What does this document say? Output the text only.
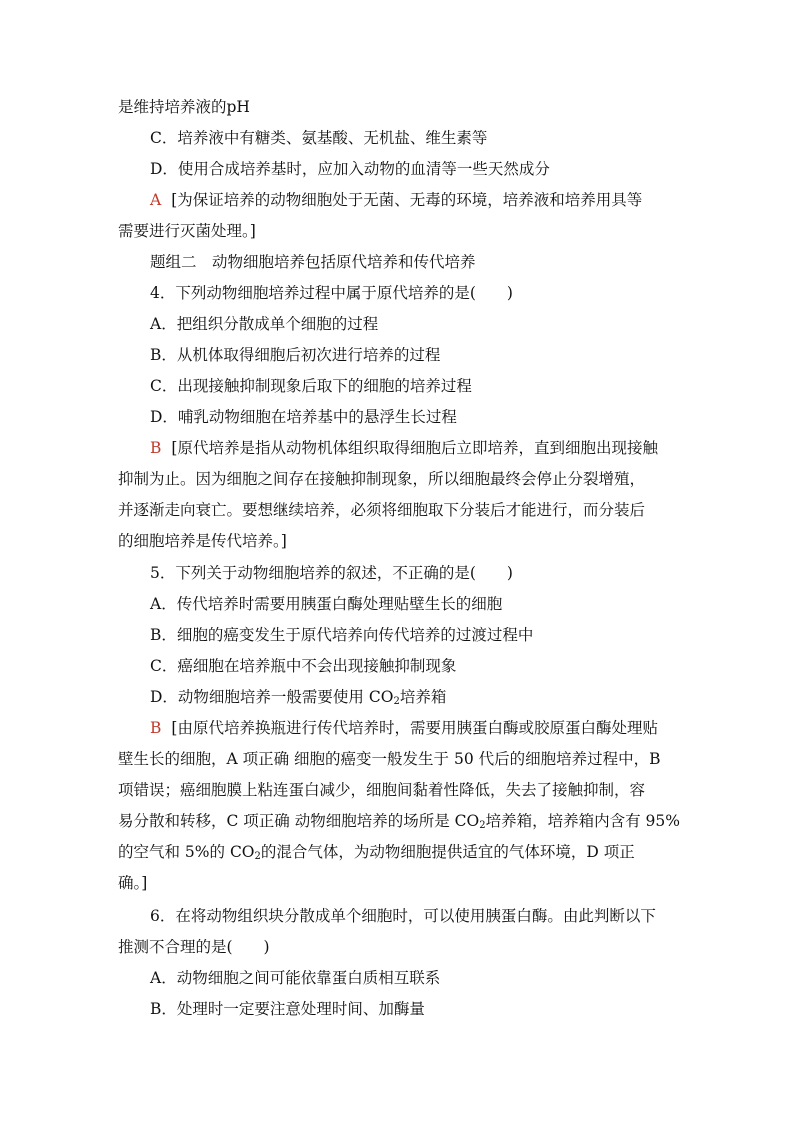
是维持培养液的pH
C．培养液中有糖类、氨基酸、无机盐、维生素等
D．使用合成培养基时，应加入动物的血清等一些天然成分
A [为保证培养的动物细胞处于无菌、无毒的环境，培养液和培养用具等
需要进行灭菌处理。]
题组二　动物细胞培养包括原代培养和传代培养
4．下列动物细胞培养过程中属于原代培养的是(　　)
A．把组织分散成单个细胞的过程
B．从机体取得细胞后初次进行培养的过程
C．出现接触抑制现象后取下的细胞的培养过程
D．哺乳动物细胞在培养基中的悬浮生长过程
B [原代培养是指从动物机体组织取得细胞后立即培养，直到细胞出现接触
抑制为止。因为细胞之间存在接触抑制现象，所以细胞最终会停止分裂增殖，
并逐渐走向衰亡。要想继续培养，必须将细胞取下分装后才能进行，而分装后
的细胞培养是传代培养。]
5．下列关于动物细胞培养的叙述，不正确的是(　　)
A．传代培养时需要用胰蛋白酶处理贴壁生长的细胞
B．细胞的癌变发生于原代培养向传代培养的过渡过程中
C．癌细胞在培养瓶中不会出现接触抑制现象
D．动物细胞培养一般需要使用 $CO_2$培养箱
B [由原代培养换瓶进行传代培养时，需要用胰蛋白酶或胶原蛋白酶处理贴
壁生长的细胞，A 项正确 细胞的癌变一般发生于 50 代后的细胞培养过程中，B
项错误；癌细胞膜上粘连蛋白减少，细胞间黏着性降低，失去了接触抑制，容
易分散和转移，C 项正确 动物细胞培养的场所是 $CO_2$培养箱，培养箱内含有 95%
的空气和 5%的 $CO_2$的混合气体，为动物细胞提供适宜的气体环境，D 项正
确。]
6．在将动物组织块分散成单个细胞时，可以使用胰蛋白酶。由此判断以下
推测不合理的是(　　)
A．动物细胞之间可能依靠蛋白质相互联系
B．处理时一定要注意处理时间、加酶量
